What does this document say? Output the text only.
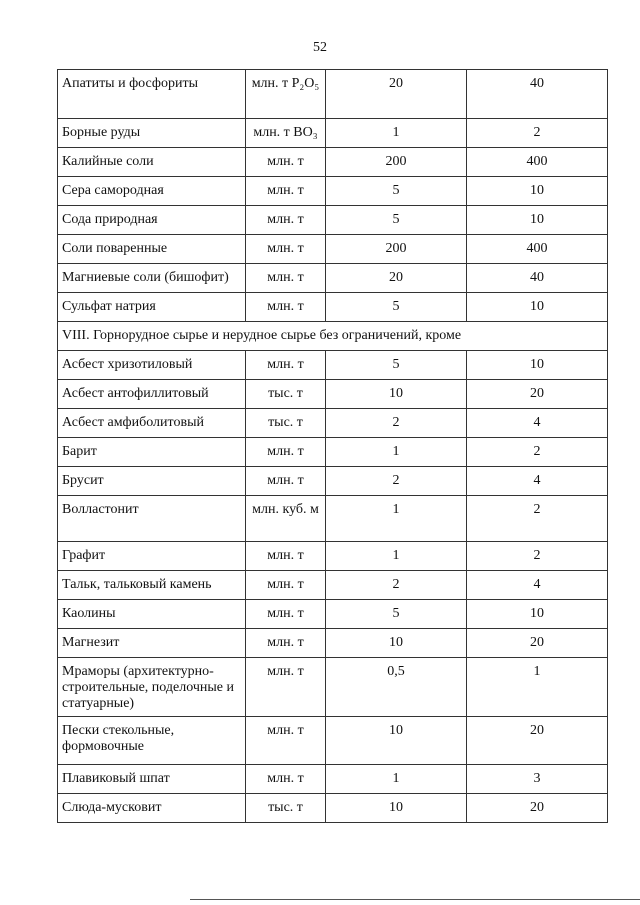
52
Апатиты и фосфориты	млн. т P₂O₅	20	40
Борные руды	млн. т BO₃	1	2
Калийные соли	млн. т	200	400
Сера самородная	млн. т	5	10
Сода природная	млн. т	5	10
Соли поваренные	млн. т	200	400
Магниевые соли (бишофит)	млн. т	20	40
Сульфат натрия	млн. т	5	10
VIII. Горнорудное сырье и нерудное сырье без ограничений, кроме			
Асбест хризотиловый	млн. т	5	10
Асбест антофиллитовый	тыс. т	10	20
Асбест амфиболитовый	тыс. т	2	4
Барит	млн. т	1	2
Брусит	млн. т	2	4
Волластонит	млн. куб. м	1	2
Графит	млн. т	1	2
Тальк, тальковый камень	млн. т	2	4
Каолины	млн. т	5	10
Магнезит	млн. т	10	20
Мраморы (архитектурно-строительные, поделочные и статуарные)	млн. т	0,5	1
Пески стекольные, формовочные	млн. т	10	20
Плавиковый шпат	млн. т	1	3
Слюда-мусковит	тыс. т	10	20
